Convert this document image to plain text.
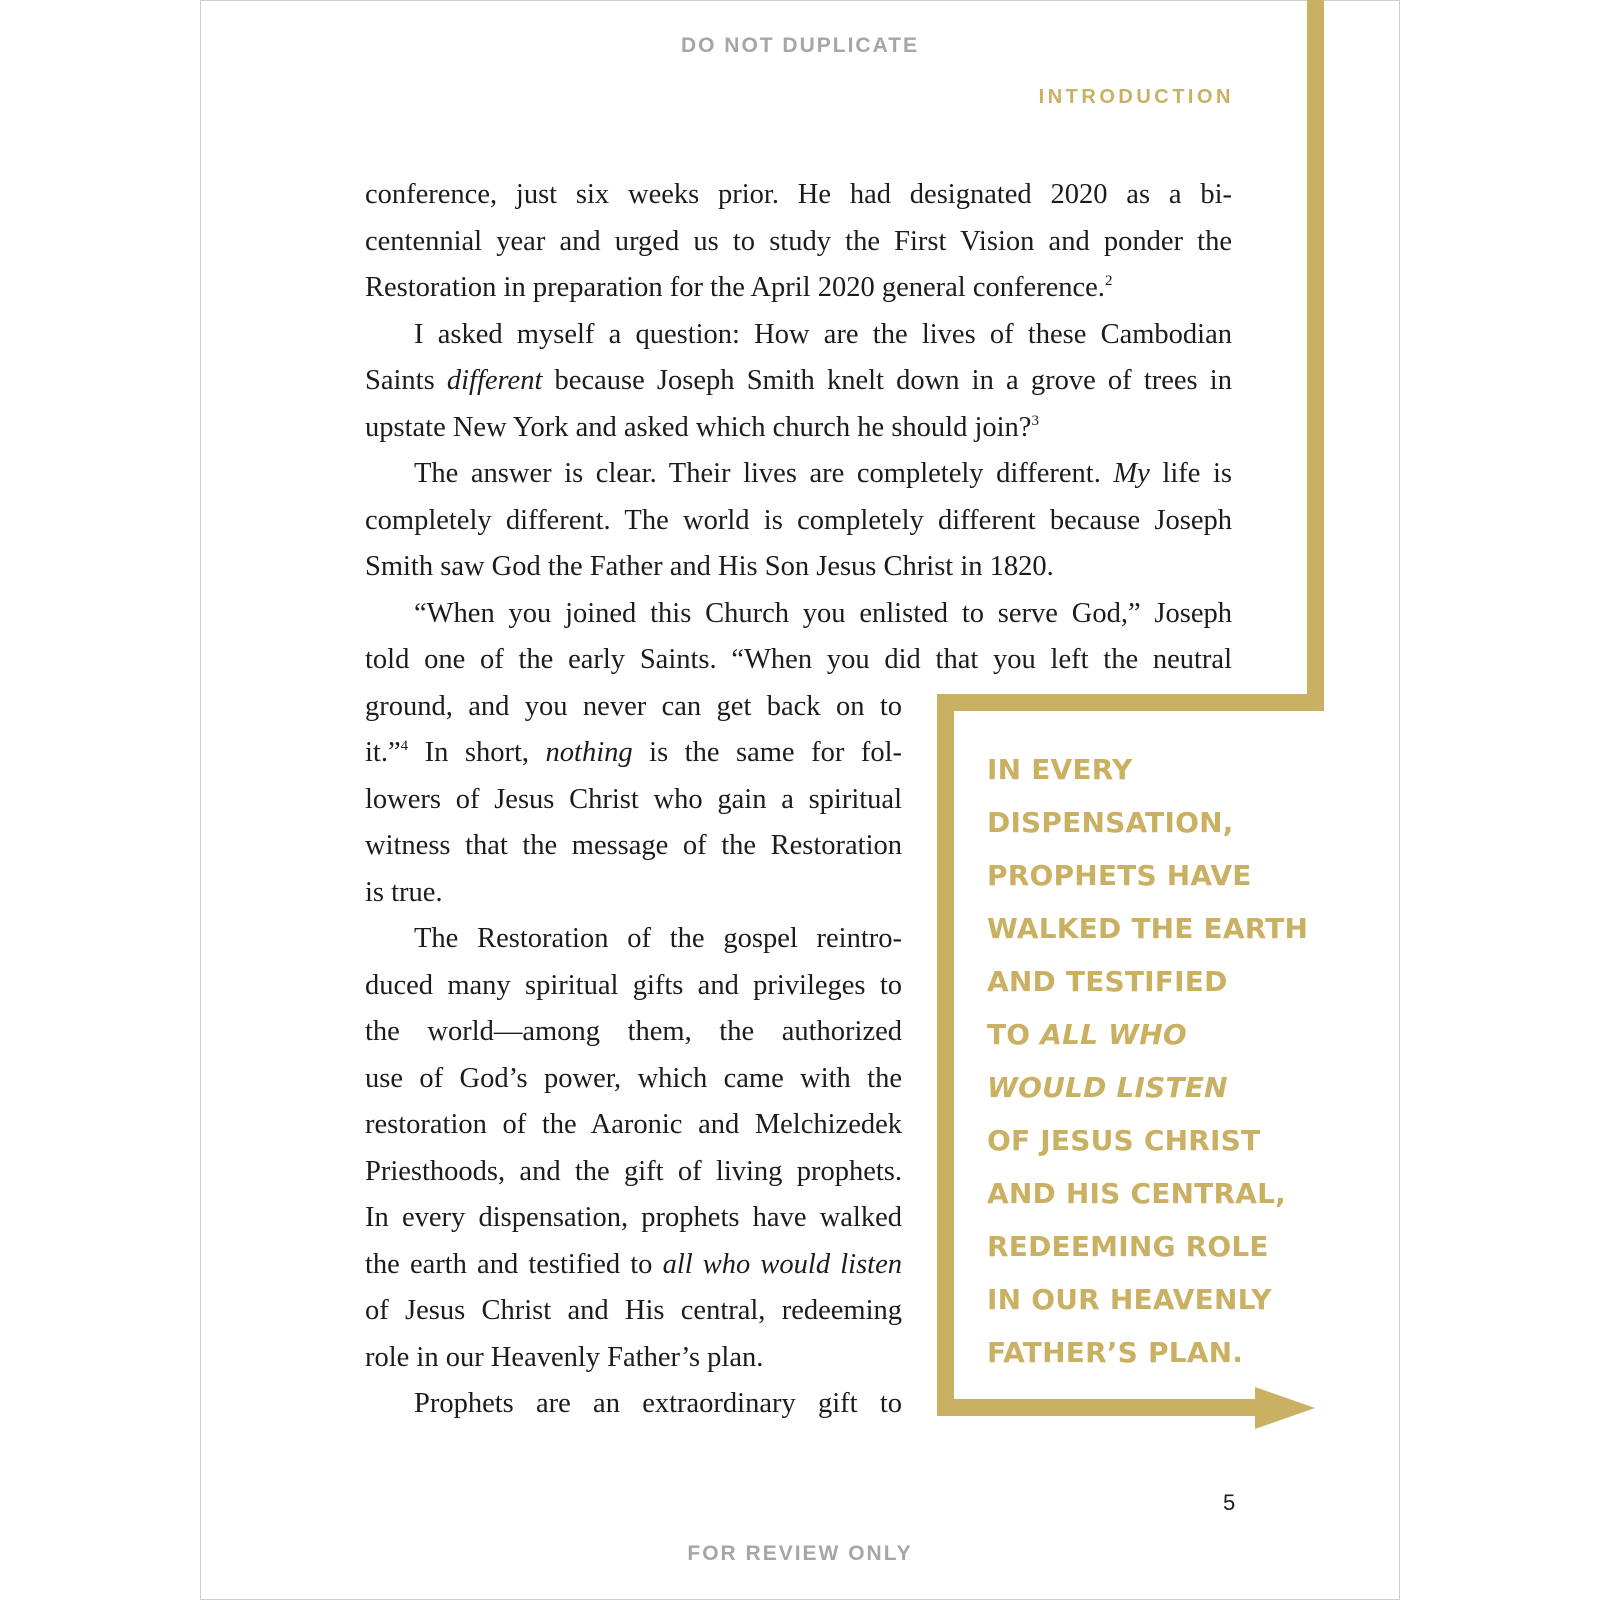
DO NOT DUPLICATE
INTRODUCTION
conference, just six weeks prior. He had designated 2020 as a bi-
centennial year and urged us to study the First Vision and ponder the
Restoration in preparation for the April 2020 general conference.$^2$
I asked myself a question: How are the lives of these Cambodian
Saints different because Joseph Smith knelt down in a grove of trees in
upstate New York and asked which church he should join?$^3$
The answer is clear. Their lives are completely different. My life is
completely different. The world is completely different because Joseph
Smith saw God the Father and His Son Jesus Christ in 1820.
“When you joined this Church you enlisted to serve God,” Joseph
told one of the early Saints. “When you did that you left the neutral
ground, and you never can get back on to
it.”$^4$ In short, nothing is the same for fol-
lowers of Jesus Christ who gain a spiritual
witness that the message of the Restoration
is true.
The Restoration of the gospel reintro-
duced many spiritual gifts and privileges to
the world—among them, the authorized
use of God’s power, which came with the
restoration of the Aaronic and Melchizedek
Priesthoods, and the gift of living prophets.
In every dispensation, prophets have walked
the earth and testified to all who would listen
of Jesus Christ and His central, redeeming
role in our Heavenly Father’s plan.
Prophets are an extraordinary gift to
IN EVERY
DISPENSATION,
PROPHETS HAVE
WALKED THE EARTH
AND TESTIFIED
TO ALL WHO
WOULD LISTEN
OF JESUS CHRIST
AND HIS CENTRAL,
REDEEMING ROLE
IN OUR HEAVENLY
FATHER’S PLAN.
5
FOR REVIEW ONLY
